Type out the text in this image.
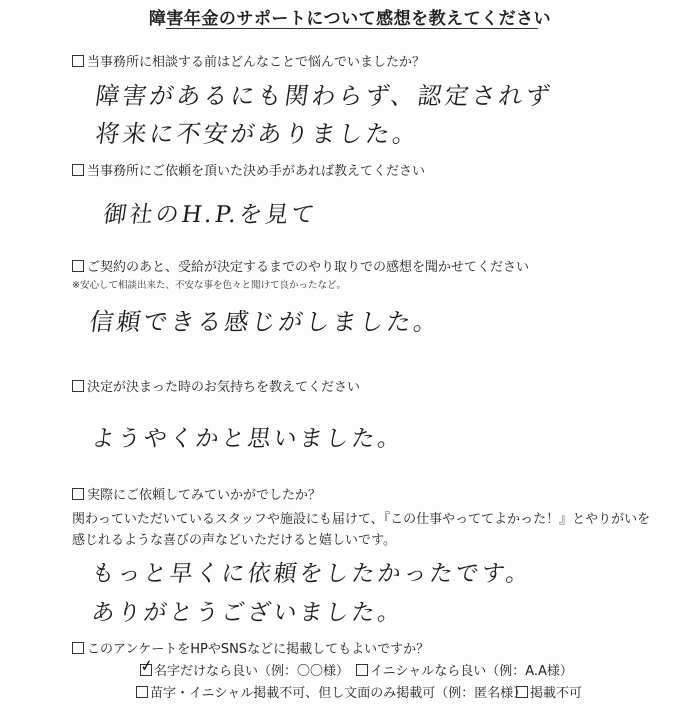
障害年金のサポートについて感想を教えてください
当事務所に相談する前はどんなことで悩んでいましたか？
障害があるにも関わらず、認定されず
将来に不安がありました。
当事務所にご依頼を頂いた決め手があれば教えてください
御社のH.P.を見て
ご契約のあと、受給が決定するまでのやり取りでの感想を聞かせてください
※安心して相談出来た、不安な事を色々と聞けて良かったなど。
信頼できる感じがしました。
決定が決まった時のお気持ちを教えてください
ようやくかと思いました。
実際にご依頼してみていかがでしたか？
関わっていただいているスタッフや施設にも届けて、『この仕事やっててよかった！』とやりがいを
感じれるような喜びの声などいただけると嬉しいです。
もっと早くに依頼をしたかったです。
ありがとうございました。
このアンケートをHPやSNSなどに掲載してもよいですか？
✓ 名字だけなら良い（例：〇〇様）	イニシャルなら良い（例：A.A様）
苗字・イニシャル掲載不可、但し文面のみ掲載可（例：匿名様） 掲載不可
